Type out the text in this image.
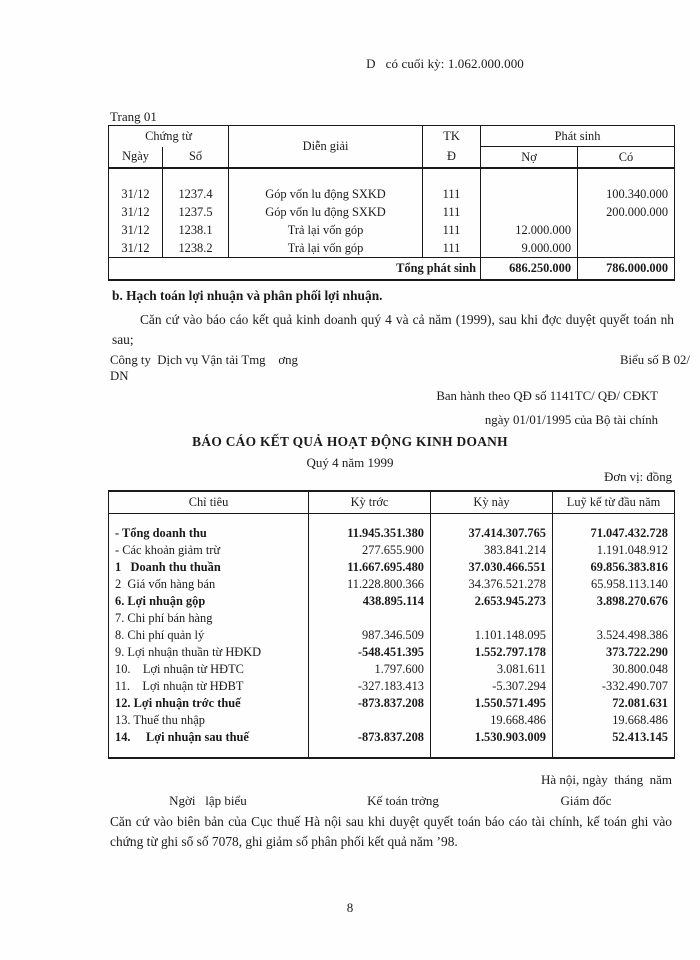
D   có cuối kỳ: 1.062.000.000
Trang 01
Chứng từ		Diễn giải	TK	Phát sinh	
Ngày	Số		Đ	Nợ	Có

31/12	1237.4	Góp vốn lu động SXKD	111		100.340.000
31/12	1237.5	Góp vốn lu động SXKD	111		200.000.000
31/12	1238.1	Trả lại vốn góp	111	12.000.000	
31/12	1238.2	Trả lại vốn góp	111	9.000.000	
Tổng phát sinh				686.250.000	786.000.000
b. Hạch toán lợi nhuận và phân phối lợi nhuận.
Căn cứ vào báo cáo kết quả kinh doanh quý 4 và cả năm (1999), sau khi đợc duyệt quyết toán nh sau;
Công ty  Dịch vụ Vận tải Tmg    ơng
DN
Biểu số B 02/
Ban hành theo QĐ số 1141TC/ QĐ/ CĐKT
ngày 01/01/1995 của Bộ tài chính
BÁO CÁO KẾT QUẢ HOẠT ĐỘNG KINH DOANH
Quý 4 năm 1999
Đơn vị: đồng
Chỉ tiêu	Kỳ trớc	Kỳ này	Luỹ kế từ đầu năm

- Tổng doanh thu	11.945.351.380	37.414.307.765	71.047.432.728
- Các khoản giảm trừ	277.655.900	383.841.214	1.191.048.912
1 Doanh thu thuần	11.667.695.480	37.030.466.551	69.856.383.816
2 Giá vốn hàng bán	11.228.800.366	34.376.521.278	65.958.113.140
6. Lợi nhuận gộp	438.895.114	2.653.945.273	3.898.270.676
7. Chi phí bán hàng			
8. Chi phí quản lý	987.346.509	1.101.148.095	3.524.498.386
9. Lợi nhuận thuần từ HĐKD	-548.451.395	1.552.797.178	373.722.290
10. Lợi nhuận từ HĐTC	1.797.600	3.081.611	30.800.048
11. Lợi nhuận từ HĐBT	-327.183.413	-5.307.294	-332.490.707
12. Lợi nhuận trớc thuế	-873.837.208	1.550.571.495	72.081.631
13. Thuế thu nhập		19.668.486	19.668.486
14. Lợi nhuận sau thuế	-873.837.208	1.530.903.009	52.413.145

Hà nội, ngày  tháng  năm
Ngời   lập biểu	Kế toán trởng	Giám đốc
Căn cứ vào biên bản của Cục thuế Hà nội sau khi duyệt quyết toán báo cáo tài chính, kế toán ghi vào chứng từ ghi sổ số 7078, ghi giảm số phân phối kết quả năm ’98.
8
